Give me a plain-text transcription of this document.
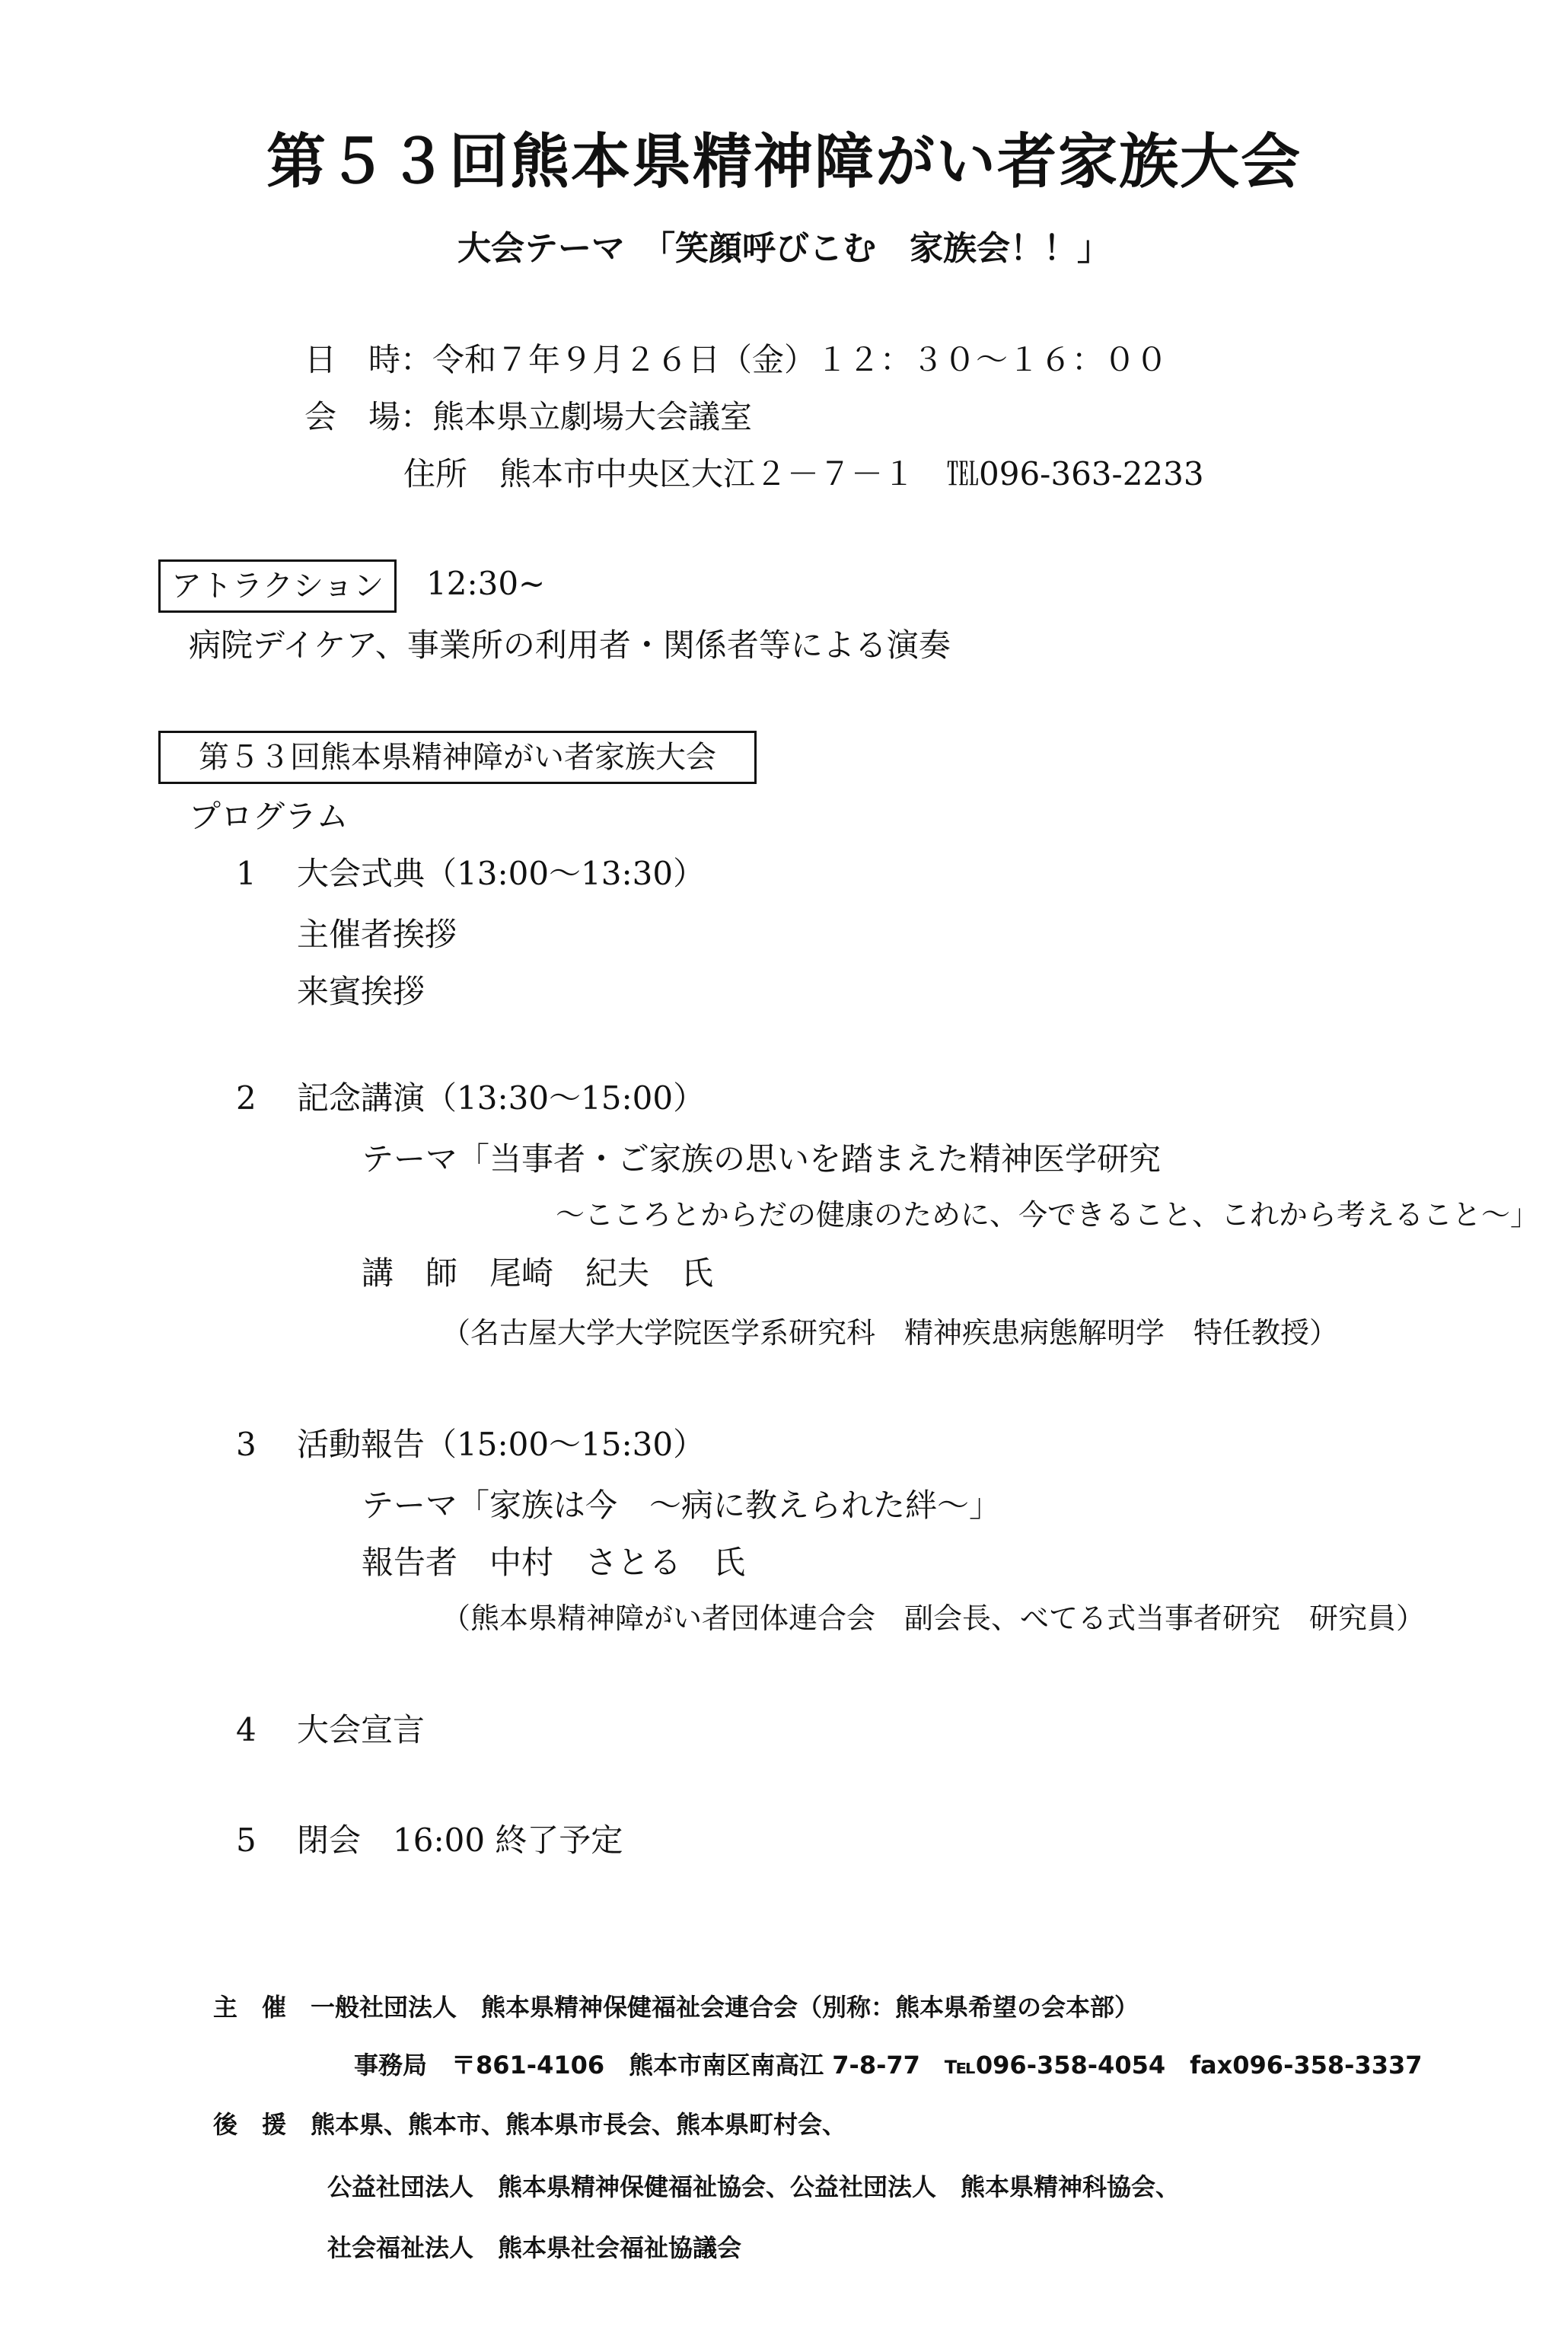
第５３回熊本県精神障がい者家族大会
大会テーマ　「笑顔呼びこむ　家族会！！」
日　時：令和７年９月２６日（金）１２：３０～１６：００
会　場：熊本県立劇場大会議室
住所　熊本市中央区大江２－７－１　℡096-363-2233
アトラクション	12:30~
病院デイケア、事業所の利用者・関係者等による演奏
第５３回熊本県精神障がい者家族大会
プログラム
1 大会式典（13:00～13:30）
主催者挨拶
来賓挨拶
2 記念講演（13:30～15:00）
テーマ「当事者・ご家族の思いを踏まえた精神医学研究
～こころとからだの健康のために、今できること、これから考えること～」
講　師　尾崎　紀夫　氏
（名古屋大学大学院医学系研究科　精神疾患病態解明学　特任教授）
3 活動報告（15:00～15:30）
テーマ「家族は今　～病に教えられた絆～」
報告者　中村　さとる　氏
（熊本県精神障がい者団体連合会　副会長、べてる式当事者研究　研究員）
4 大会宣言
5 閉会　16:00 終了予定
主　催　一般社団法人　熊本県精神保健福祉会連合会（別称：熊本県希望の会本部）
事務局　〒861-4106　熊本市南区南高江 7-8-77　℡096-358-4054　fax096-358-3337
後　援　熊本県、熊本市、熊本県市長会、熊本県町村会、
公益社団法人　熊本県精神保健福祉協会、公益社団法人　熊本県精神科協会、
社会福祉法人　熊本県社会福祉協議会
